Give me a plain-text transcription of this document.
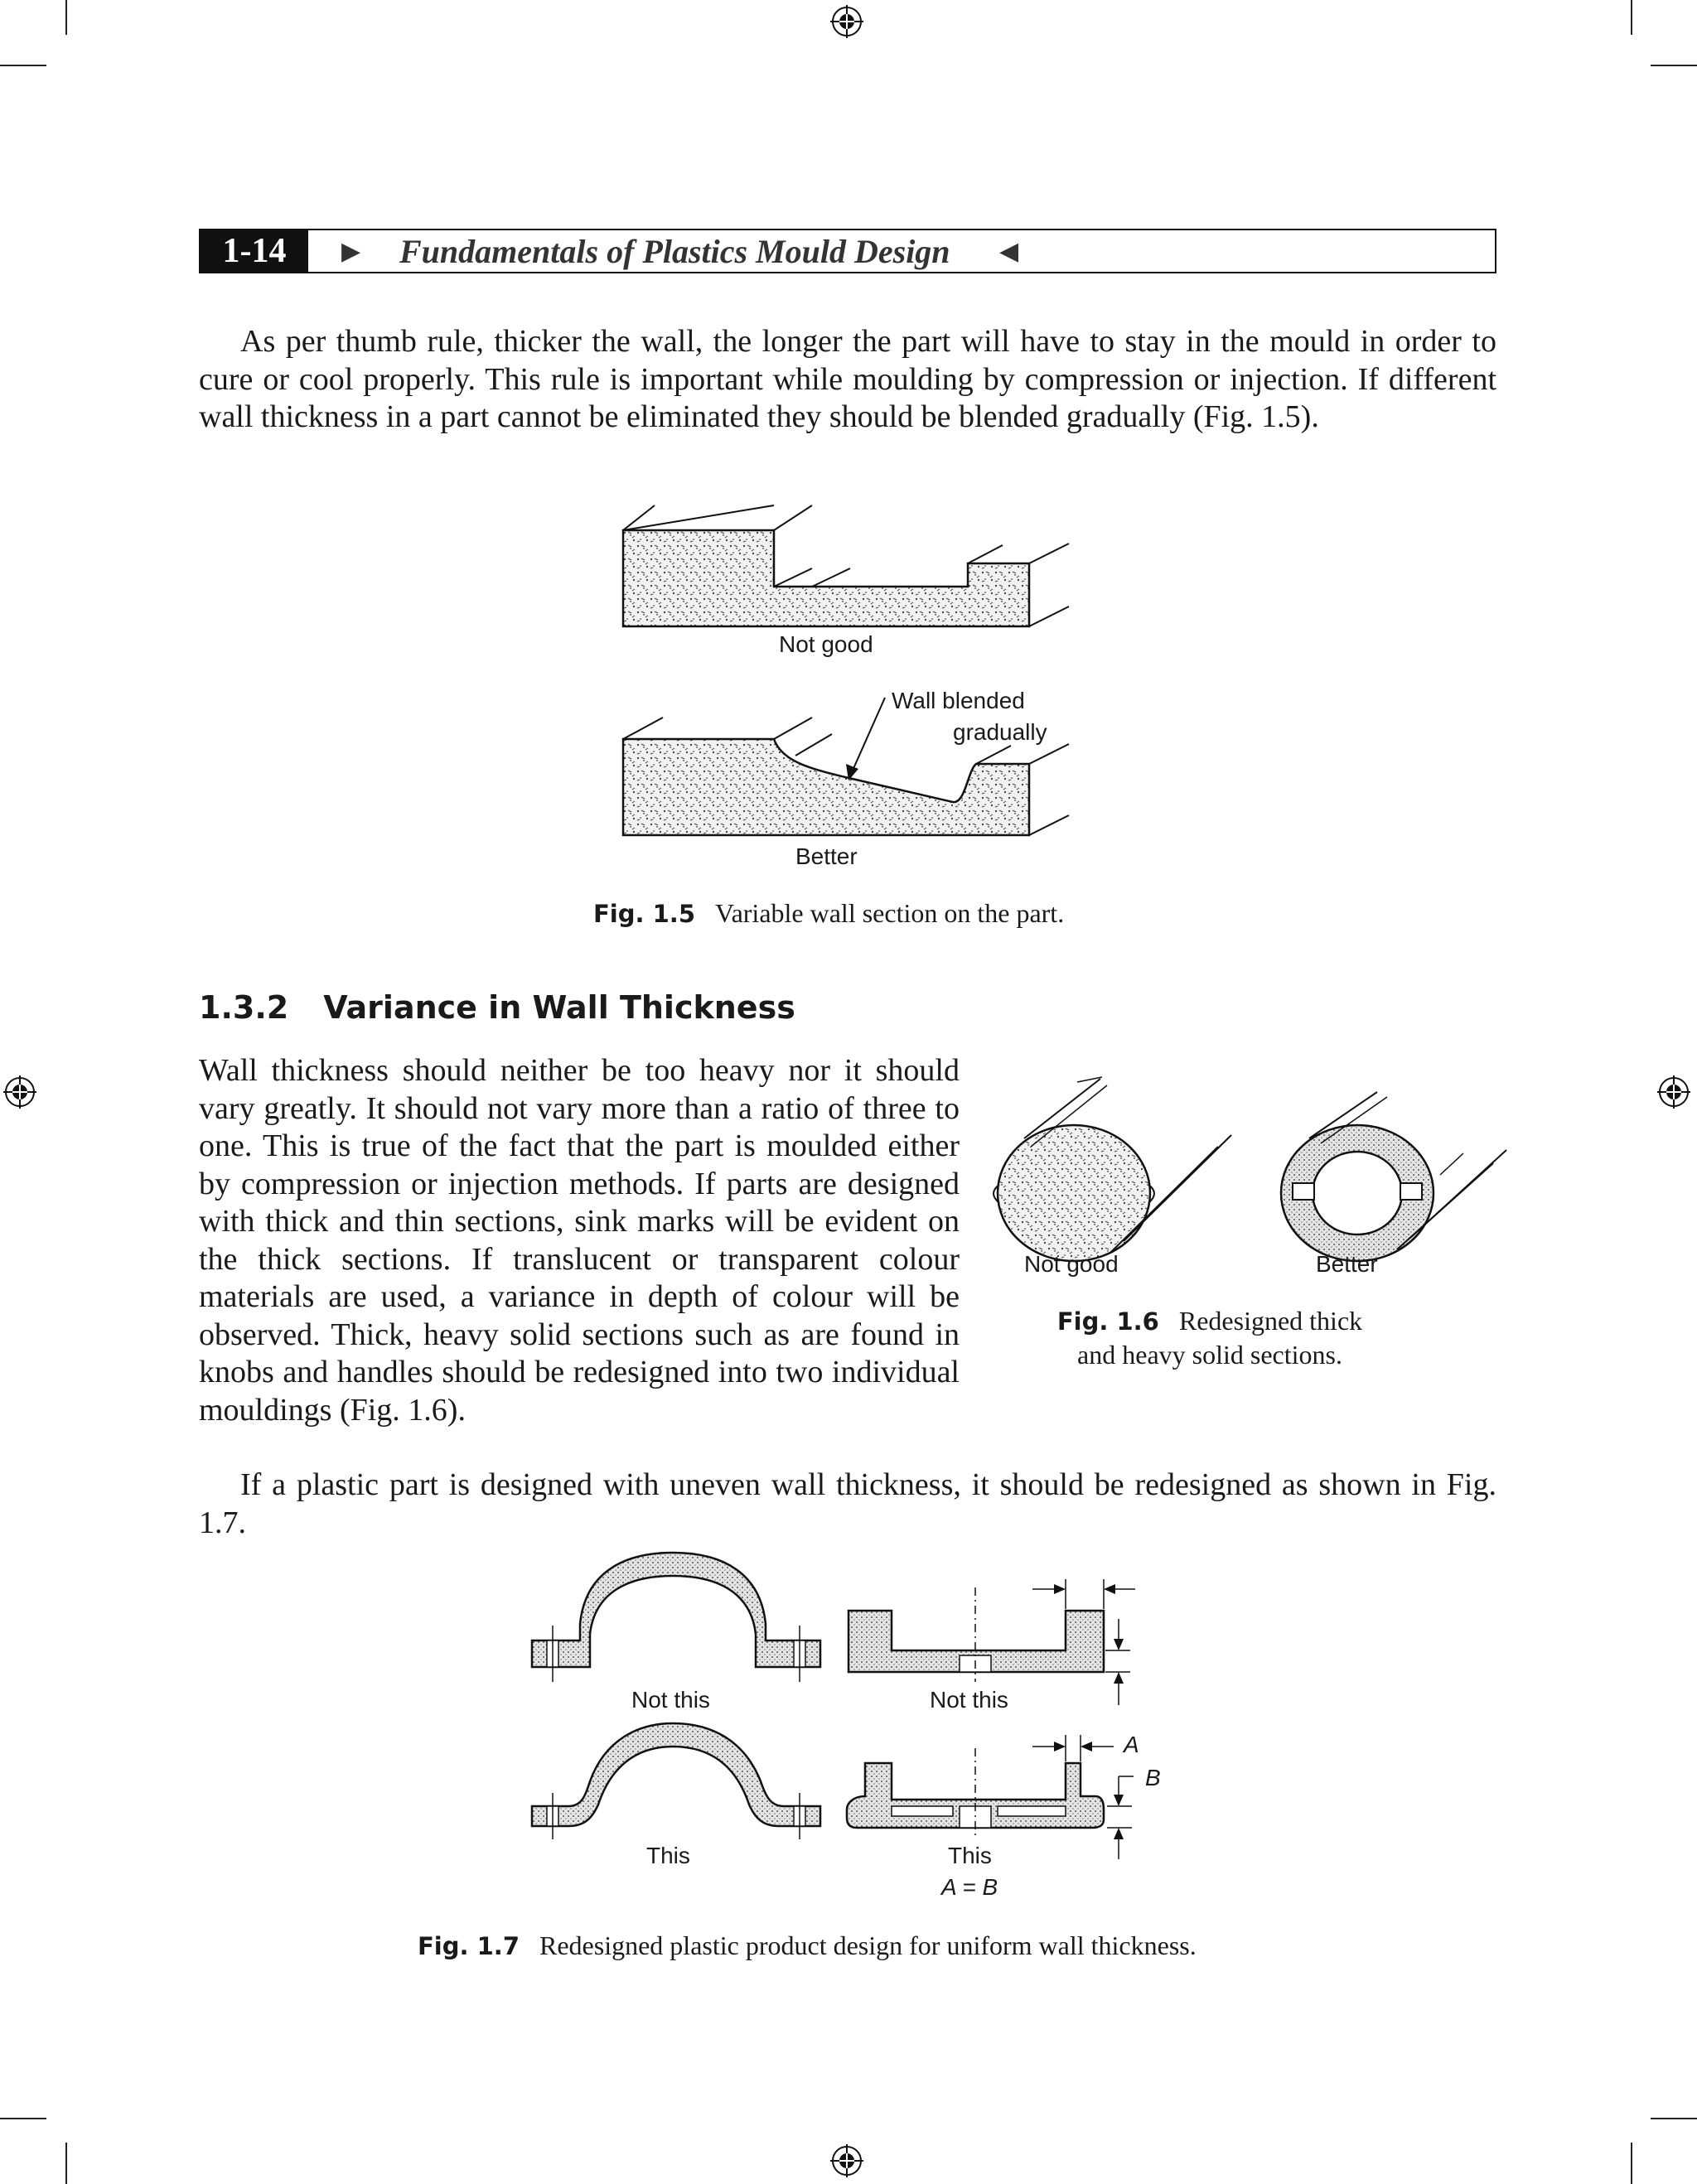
1-14	▶ Fundamentals of Plastics Mould Design ◀

As per thumb rule, thicker the wall, the longer the part will have to stay in the mould in order to cure or cool properly. This rule is important while moulding by compression or injection. If different wall thickness in a part cannot be eliminated they should be blended gradually (Fig. 1.5).

Not good
Wall blended
gradually
Better
Fig. 1.5 Variable wall section on the part.
1.3.2 Variance in Wall Thickness

Wall thickness should neither be too heavy nor it should vary greatly. It should not vary more than a ratio of three to one. This is true of the fact that the part is moulded either by compression or injection methods. If parts are designed with thick and thin sections, sink marks will be evident on the thick sections. If translucent or transparent colour materials are used, a variance in depth of colour will be observed. Thick, heavy solid sections such as are found in knobs and handles should be redesigned into two individual mouldings (Fig. 1.6).

Not good	Better
Fig. 1.6 Redesigned thick
and heavy solid sections.

If a plastic part is designed with uneven wall thickness, it should be redesigned as shown in Fig. 1.7.

A
B
Not this	Not this
This	This
A = B
Fig. 1.7 Redesigned plastic product design for uniform wall thickness.
